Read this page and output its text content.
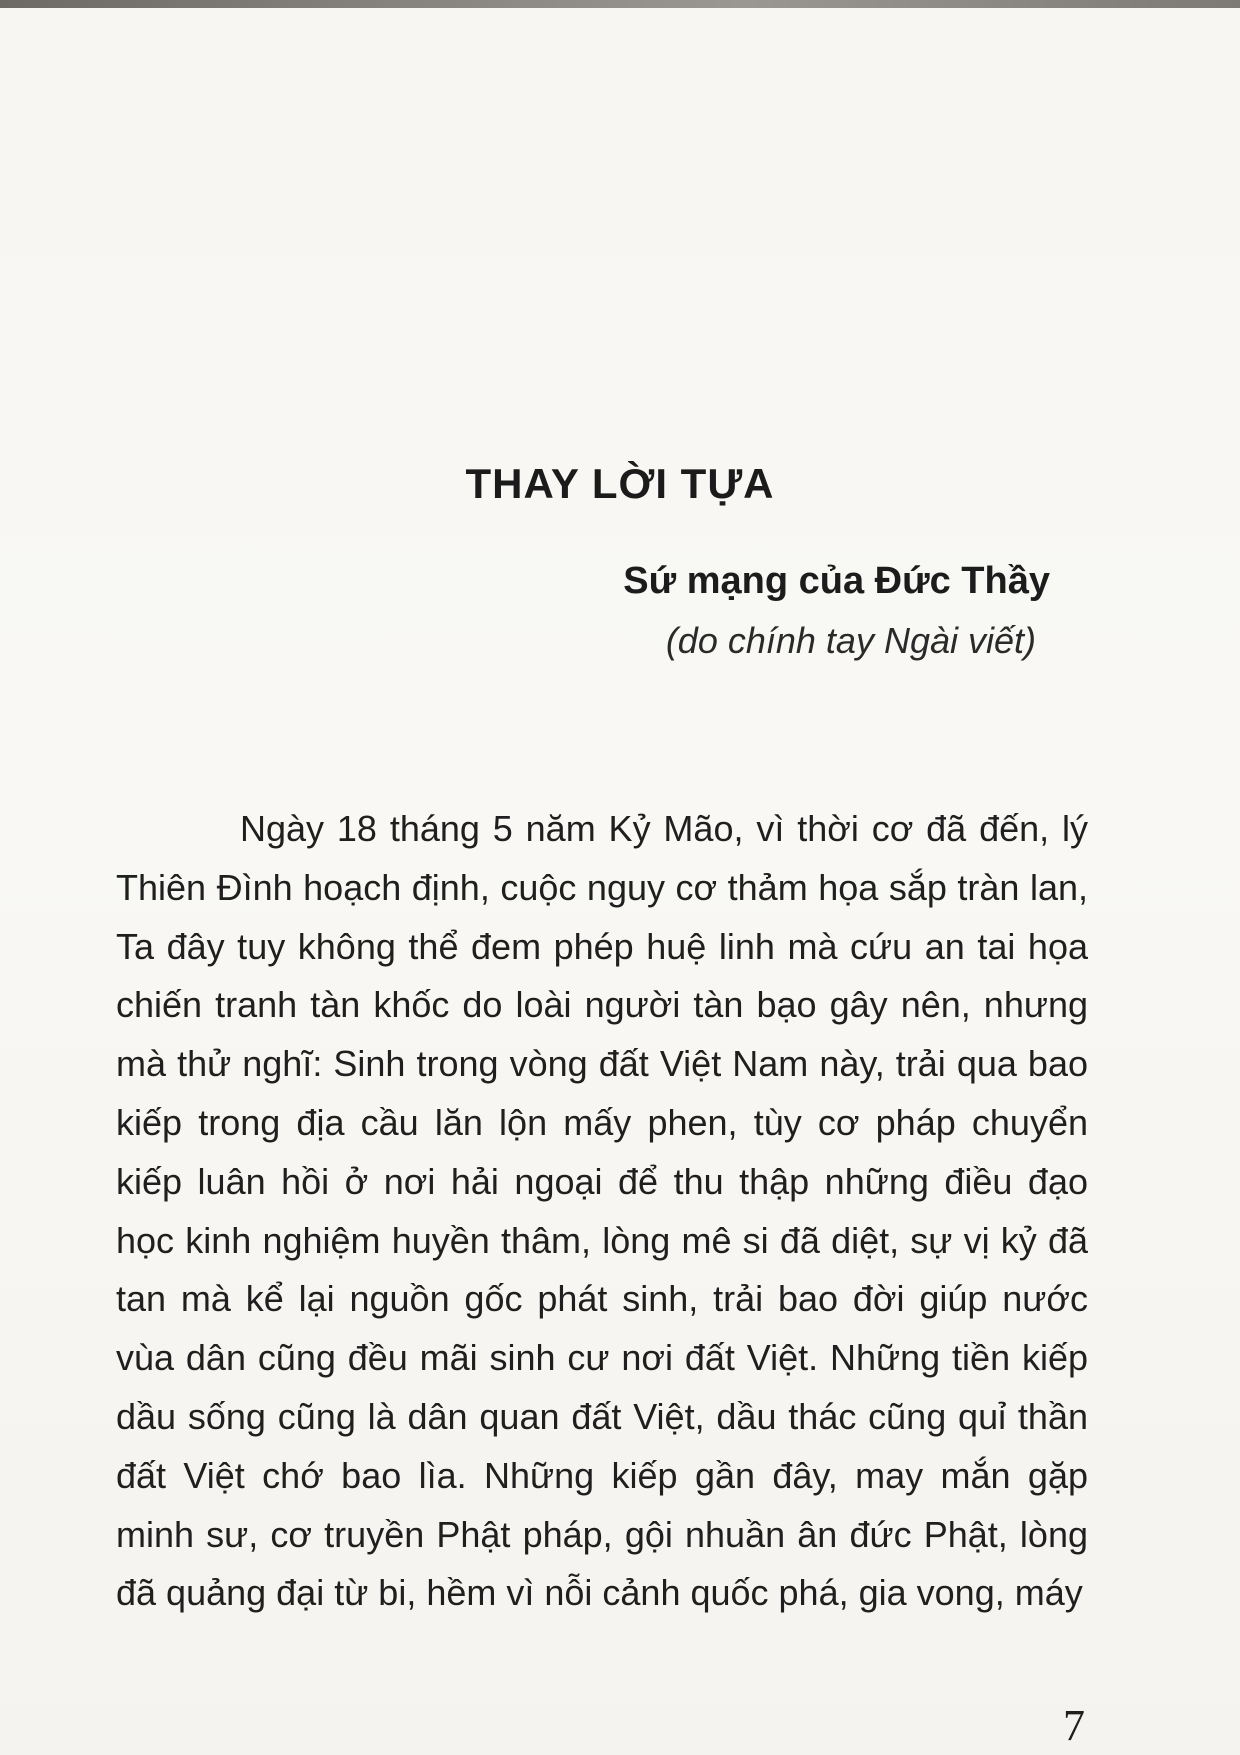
THAY LỜI TỰA
Sứ mạng của Đức Thầy
(do chính tay Ngài viết)

Ngày 18 tháng 5 năm Kỷ Mão, vì thời cơ đã đến, lý Thiên Đình hoạch định, cuộc nguy cơ thảm họa sắp tràn lan, Ta đây tuy không thể đem phép huệ linh mà cứu an tai họa chiến tranh tàn khốc do loài người tàn bạo gây nên, nhưng mà thử nghĩ: Sinh trong vòng đất Việt Nam này, trải qua bao kiếp trong địa cầu lăn lộn mấy phen, tùy cơ pháp chuyển kiếp luân hồi ở nơi hải ngoại để thu thập những điều đạo học kinh nghiệm huyền thâm, lòng mê si đã diệt, sự vị kỷ đã tan mà kể lại nguồn gốc phát sinh, trải bao đời giúp nước vùa dân cũng đều mãi sinh cư nơi đất Việt. Những tiền kiếp dầu sống cũng là dân quan đất Việt, dầu thác cũng quỉ thần đất Việt chớ bao lìa. Những kiếp gần đây, may mắn gặp minh sư, cơ truyền Phật pháp, gội nhuần ân đức Phật, lòng đã quảng đại từ bi, hềm vì nỗi cảnh quốc phá, gia vong, máy

7
